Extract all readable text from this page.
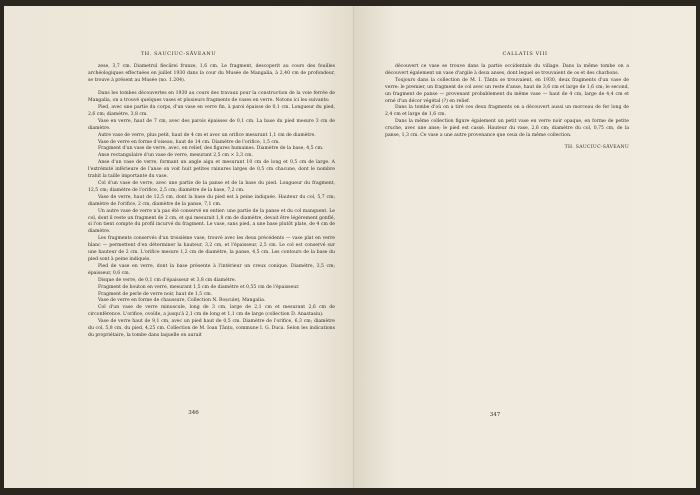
TH. SAUCIUC-SĂVEANU

zese, 3,7 cm. Diametrul fiecărei frunze, 1,6 cm. Le fragment, descoperit au cours des fouilles archéologiques effectuées en juillet 1930 dans la cour du Musée de Mangalia, à 2,40 cm de profondeur, se trouve à présent au Musée (no. 1.204).

Dans les tombes découvertes en 1930 au cours des travaux pour la construction de la voie ferrée de Mangalia, on a trouvé quelques vases et plusieurs fragments de vases en verre. Notons ici les suivants:

Pied, avec une partie du corps, d'un vase en verre fin, à paroi épaisse de 0,1 cm. Longueur du pied, 2,6 cm; diamètre, 3,8 cm.

Vase en verre, haut de 7 cm, avec des parois épaisses de 0,1 cm. La base du pied mesure 3 cm de diamètre.

Autre vase de verre, plus petit, haut de 4 cm et avec un orifice mesurant 1,1 cm de diamètre.

Vase de verre en forme d'oiseau, haut de 14 cm. Diamètre de l'orifice, 1,5 cm.

Fragment d'un vase de verre, avec, en relief, des figures humaines. Diamètre de la base, 4,5 cm.

Anse rectangulaire d'un vase de verre, mesurant 2,5 cm × 3,3 cm.

Anse d'un vase de verre, formant un angle aigu et mesurant 10 cm de long et 0,5 cm de large. A l'extrémité inférieure de l'anse on voit huit petites rainures larges de 0,5 cm chacune, dont le nombre trahit la taille importante du vase.

Col d'un vase de verre, avec une partie de la panse et de la base du pied. Longueur du fragment, 12,5 cm; diamètre de l'orifice, 2,5 cm; diamètre de la base, 7,2 cm.

Vase de verre, haut de 12,5 cm, dont la base du pied est à peine indiquée. Hauteur du col, 5,7 cm; diamètre de l'orifice, 2 cm, diamètre de la panse, 7,1 cm.

Un autre vase de verre n'a pas été conservé en entier: une partie de la panse et du col manquent. Le col, dont il reste un fragment de 2 cm, et qui mesurait 1,8 cm de diamètre, devait être légèrement gonflé, si l'on tient compte du profil incurvé du fragment. Le vase, sans pied, a une base plutôt plate, de 4 cm de diamètre.

Les fragments conservés d'un troisième vase, trouvé avec les deux précédents — vase plat en verre blanc — permettent d'en déterminer la hauteur, 3,2 cm, et l'épaisseur, 2,5 cm. Le col est conservé sur une hauteur de 2 cm. L'orifice mesure 1,2 cm de diamètre, la panse, 4,5 cm. Les contours de la base du pied sont à peine indiqués.

Pied de vase en verre, dont la base présente à l'intérieur un creux conique. Diamètre, 3,5 cm; épaisseur, 0,6 cm.

Disque de verre, de 0,1 cm d'épaisseur et 3,8 cm diamètre.

Fragment de bouton en verre, mesurant 1,5 cm de diamètre et 0,55 cm de l'épaisseur.

Fragment de perle de verre noir, haut de 1,5 cm.

Vase de verre en forme de chaussure, Collection N. Roșculeț, Mangalia.

Col d'un vase de verre minuscule, long de 3 cm, large de 2,1 cm et mesurant 2,6 cm de circonférence. L'orifice, ovoïde, a jusqu'à 2,1 cm de long et 1,1 cm de large (collection D. Anastasiu).

Vase de verre haut de 9,1 cm, avec un pied haut de 0,5 cm. Diamètre de l'orifice, 6,3 cm; diamètre du col, 5,8 cm, du pied, 4,25 cm. Collection de M. Ioan Țânțu, commune I. G. Duca. Selon les indications du propriétaire, la tombe dans laquelle on aurait

346
CALLATIS VIII

découvert ce vase se trouve dans la partie occidentale du village. Dans la même tombe on a découvert également un vase d'argile à deux anses, dont lequel se trouvaient de os et des charbons.

Toujours dans la collection de M. I. Țânțu se trouvaient, en 1930, deux fragments d'un vase de verre: le premier, un fragment de col avec un reste d'anse, haut de 3,6 cm et large de 1,6 cm; le second, un fragment de panse — provenant probablement du même vase — haut de 4 cm, large de 4,4 cm et orné d'un décor végétal (?) en relief.

Dans la tombe d'où on a tiré ces deux fragments on a découvert aussi un morceau de fer long de 2,4 cm et large de 1,6 cm.

Dans la même collection figure également un petit vase en verre noir opaque, en forme de petite cruche, avec une anse; le pied est cassé. Hauteur du vase, 2,6 cm; diamètre du col, 0,75 cm, de la panse, 1,3 cm. Ce vase a une autre provenance que ceux de la même collection.

TH. SAUCIUC-SĂVEANU
347
